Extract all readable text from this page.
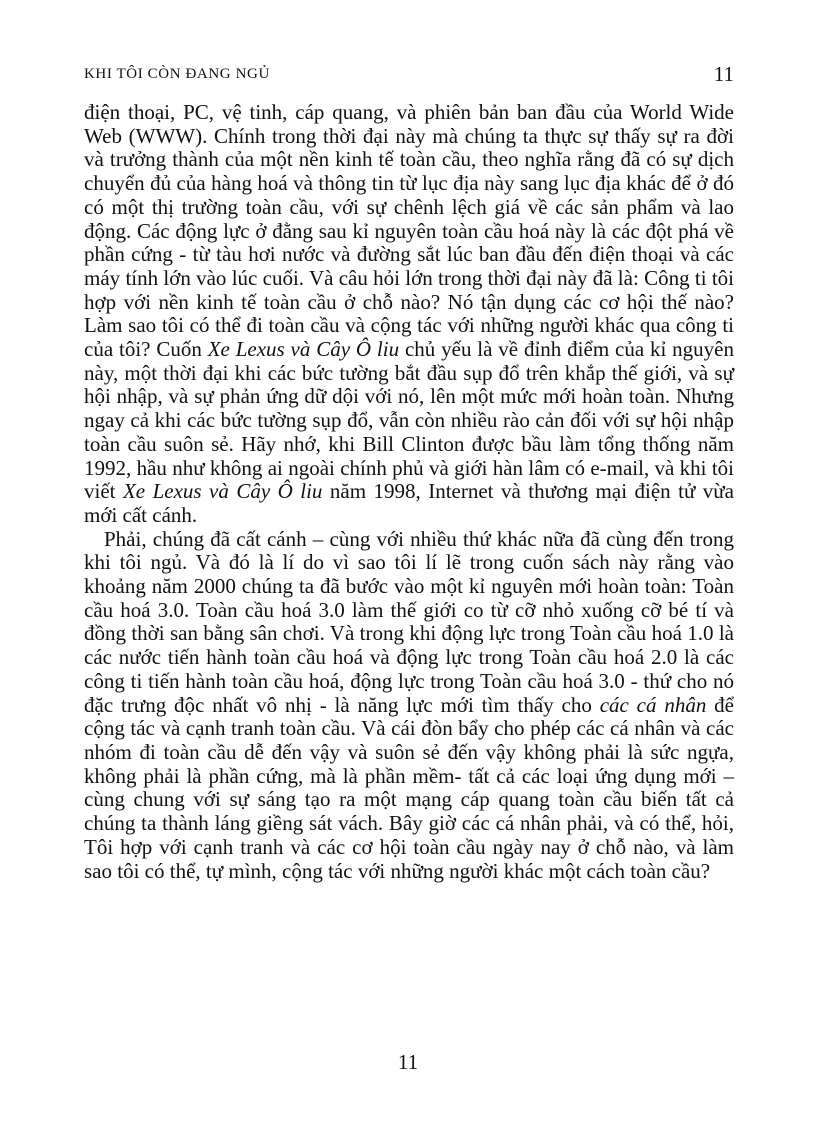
KHI TÔI CÒN ĐANG NGỦ	11

điện thoại, PC, vệ tinh, cáp quang, và phiên bản ban đầu của World Wide Web (WWW). Chính trong thời đại này mà chúng ta thực sự thấy sự ra đời và trưởng thành của một nền kinh tế toàn cầu, theo nghĩa rằng đã có sự dịch chuyển đủ của hàng hoá và thông tin từ lục địa này sang lục địa khác để ở đó có một thị trường toàn cầu, với sự chênh lệch giá về các sản phẩm và lao động. Các động lực ở đằng sau kỉ nguyên toàn cầu hoá này là các đột phá về phần cứng - từ tàu hơi nước và đường sắt lúc ban đầu đến điện thoại và các máy tính lớn vào lúc cuối. Và câu hỏi lớn trong thời đại này đã là: Công ti tôi hợp với nền kinh tế toàn cầu ở chỗ nào? Nó tận dụng các cơ hội thế nào? Làm sao tôi có thể đi toàn cầu và cộng tác với những người khác qua công ti của tôi? Cuốn Xe Lexus và Cây Ô liu chủ yếu là về đỉnh điểm của kỉ nguyên này, một thời đại khi các bức tường bắt đầu sụp đổ trên khắp thế giới, và sự hội nhập, và sự phản ứng dữ dội với nó, lên một mức mới hoàn toàn. Nhưng ngay cả khi các bức tường sụp đổ, vẫn còn nhiều rào cản đối với sự hội nhập toàn cầu suôn sẻ. Hãy nhớ, khi Bill Clinton được bầu làm tổng thống năm 1992, hầu như không ai ngoài chính phủ và giới hàn lâm có e-mail, và khi tôi viết Xe Lexus và Cây Ô liu năm 1998, Internet và thương mại điện tử vừa mới cất cánh.

Phải, chúng đã cất cánh – cùng với nhiều thứ khác nữa đã cùng đến trong khi tôi ngủ. Và đó là lí do vì sao tôi lí lẽ trong cuốn sách này rằng vào khoảng năm 2000 chúng ta đã bước vào một kỉ nguyên mới hoàn toàn: Toàn cầu hoá 3.0. Toàn cầu hoá 3.0 làm thế giới co từ cỡ nhỏ xuống cỡ bé tí và đồng thời san bằng sân chơi. Và trong khi động lực trong Toàn cầu hoá 1.0 là các nước tiến hành toàn cầu hoá và động lực trong Toàn cầu hoá 2.0 là các công ti tiến hành toàn cầu hoá, động lực trong Toàn cầu hoá 3.0 - thứ cho nó đặc trưng độc nhất vô nhị - là năng lực mới tìm thấy cho các cá nhân để cộng tác và cạnh tranh toàn cầu. Và cái đòn bẩy cho phép các cá nhân và các nhóm đi toàn cầu dễ đến vậy và suôn sẻ đến vậy không phải là sức ngựa, không phải là phần cứng, mà là phần mềm- tất cả các loại ứng dụng mới – cùng chung với sự sáng tạo ra một mạng cáp quang toàn cầu biến tất cả chúng ta thành láng giềng sát vách. Bây giờ các cá nhân phải, và có thể, hỏi, Tôi hợp với cạnh tranh và các cơ hội toàn cầu ngày nay ở chỗ nào, và làm sao tôi có thể, tự mình, cộng tác với những người khác một cách toàn cầu?

11
